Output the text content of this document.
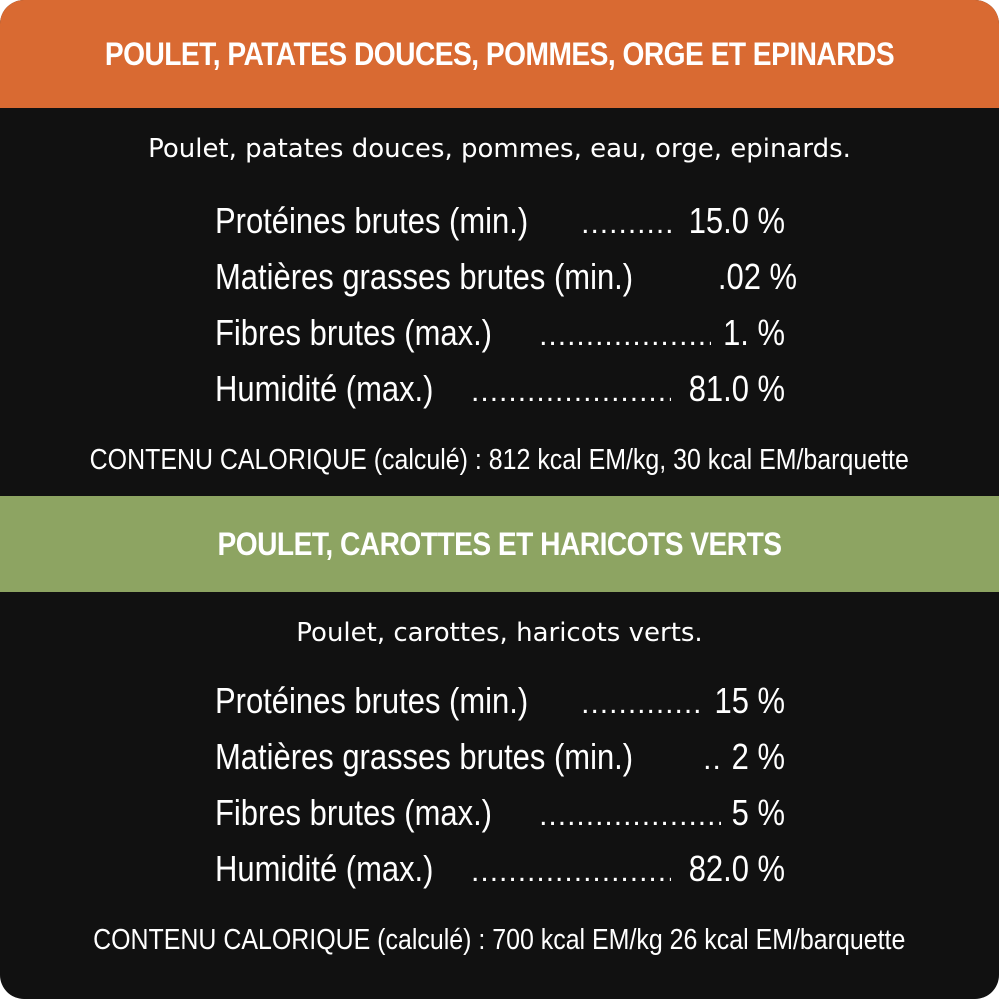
POULET, PATATES DOUCES, POMMES, ORGE ET EPINARDS
Poulet, patates douces, pommes, eau, orge, epinards.
Protéines brutes (min.) .....	15.0 %
Matières grasses brutes (min.) .02 %
Fibres brutes (max.) .....	1. %
Humidité (max.) .....	81.0 %
CONTENU CALORIQUE (calculé) : 812 kcal EM/kg, 30 kcal EM/barquette
POULET, CAROTTES ET HARICOTS VERTS
Poulet, carottes, haricots verts.
Protéines brutes (min.) .....	15 %
Matières grasses brutes (min.) .....	2 %
Fibres brutes (max.) .....	5 %
Humidité (max.) .....	82.0 %
CONTENU CALORIQUE (calculé) : 700 kcal EM/kg 26 kcal EM/barquette
